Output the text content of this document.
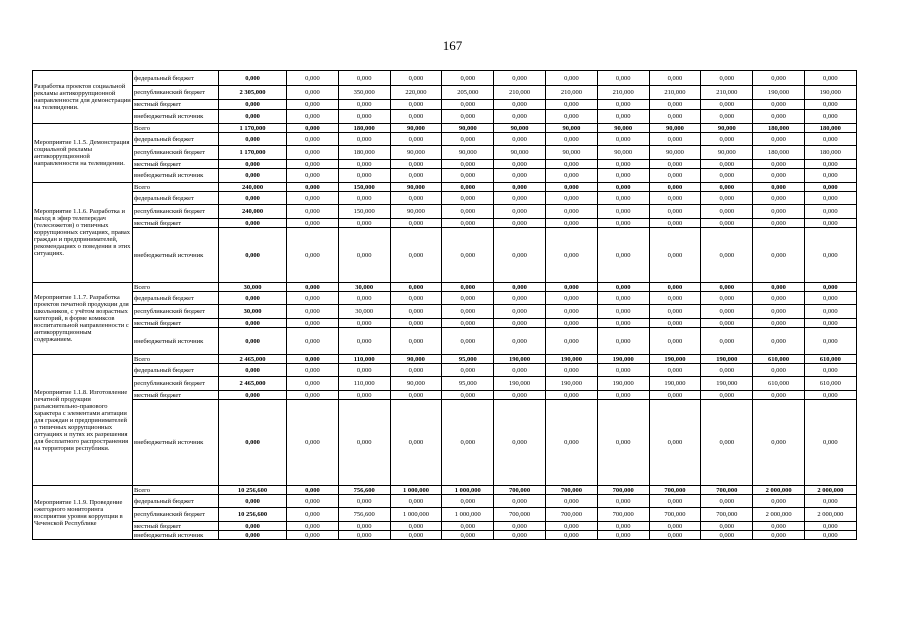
167
Разработка проектов социальной рекламы антикоррупционной направленности для демонстрации на телевидении.	федеральный бюджет	0,000	0,000	0,000	0,000	0,000	0,000	0,000	0,000	0,000	0,000	0,000	0,000
	республиканский бюджет	2 305,000	0,000	350,000	220,000	205,000	210,000	210,000	210,000	210,000	210,000	190,000	190,000
	местный бюджет	0,000	0,000	0,000	0,000	0,000	0,000	0,000	0,000	0,000	0,000	0,000	0,000
	внебюджетный источник	0,000	0,000	0,000	0,000	0,000	0,000	0,000	0,000	0,000	0,000	0,000	0,000
Мероприятие 1.1.5. Демонстрация социальной рекламы антикоррупционной направленности на телевидении.	Всего	1 170,000	0,000	180,000	90,000	90,000	90,000	90,000	90,000	90,000	90,000	180,000	180,000
	федеральный бюджет	0,000	0,000	0,000	0,000	0,000	0,000	0,000	0,000	0,000	0,000	0,000	0,000
	республиканский бюджет	1 170,000	0,000	180,000	90,000	90,000	90,000	90,000	90,000	90,000	90,000	180,000	180,000
	местный бюджет	0,000	0,000	0,000	0,000	0,000	0,000	0,000	0,000	0,000	0,000	0,000	0,000
	внебюджетный источник	0,000	0,000	0,000	0,000	0,000	0,000	0,000	0,000	0,000	0,000	0,000	0,000
Мероприятие 1.1.6. Разработка и выход в эфир телепередач (телесюжетов) о типичных коррупционных ситуациях, правах граждан и предпринимателей, рекомендациях о поведении в этих ситуациях.	Всего	240,000	0,000	150,000	90,000	0,000	0,000	0,000	0,000	0,000	0,000	0,000	0,000
	федеральный бюджет	0,000	0,000	0,000	0,000	0,000	0,000	0,000	0,000	0,000	0,000	0,000	0,000
	республиканский бюджет	240,000	0,000	150,000	90,000	0,000	0,000	0,000	0,000	0,000	0,000	0,000	0,000
	местный бюджет	0,000	0,000	0,000	0,000	0,000	0,000	0,000	0,000	0,000	0,000	0,000	0,000
	внебюджетный источник	0,000	0,000	0,000	0,000	0,000	0,000	0,000	0,000	0,000	0,000	0,000	0,000
Мероприятие 1.1.7. Разработка проектов печатной продукции для школьников, с учётом возрастных категорий, в форме комиксов воспитательной направленности с антикоррупционным содержанием.	Всего	30,000	0,000	30,000	0,000	0,000	0,000	0,000	0,000	0,000	0,000	0,000	0,000
	федеральный бюджет	0,000	0,000	0,000	0,000	0,000	0,000	0,000	0,000	0,000	0,000	0,000	0,000
	республиканский бюджет	30,000	0,000	30,000	0,000	0,000	0,000	0,000	0,000	0,000	0,000	0,000	0,000
	местный бюджет	0,000	0,000	0,000	0,000	0,000	0,000	0,000	0,000	0,000	0,000	0,000	0,000
	внебюджетный источник	0,000	0,000	0,000	0,000	0,000	0,000	0,000	0,000	0,000	0,000	0,000	0,000
Мероприятие 1.1.8. Изготовление печатной продукции разъяснительно-правового характера с элементами агитации для граждан и предпринимателей о типичных коррупционных ситуациях и путях их разрешения для бесплатного распространения на территории республики.	Всего	2 465,000	0,000	110,000	90,000	95,000	190,000	190,000	190,000	190,000	190,000	610,000	610,000
	федеральный бюджет	0,000	0,000	0,000	0,000	0,000	0,000	0,000	0,000	0,000	0,000	0,000	0,000
	республиканский бюджет	2 465,000	0,000	110,000	90,000	95,000	190,000	190,000	190,000	190,000	190,000	610,000	610,000
	местный бюджет	0,000	0,000	0,000	0,000	0,000	0,000	0,000	0,000	0,000	0,000	0,000	0,000
	внебюджетный источник	0,000	0,000	0,000	0,000	0,000	0,000	0,000	0,000	0,000	0,000	0,000	0,000
Мероприятие 1.1.9. Проведение ежегодного мониторинга восприятия уровня коррупции в Чеченской Республике	Всего	10 256,600	0,000	756,600	1 000,000	1 000,000	700,000	700,000	700,000	700,000	700,000	2 000,000	2 000,000
	федеральный бюджет	0,000	0,000	0,000	0,000	0,000	0,000	0,000	0,000	0,000	0,000	0,000	0,000
	республиканский бюджет	10 256,600	0,000	756,600	1 000,000	1 000,000	700,000	700,000	700,000	700,000	700,000	2 000,000	2 000,000
	местный бюджет	0,000	0,000	0,000	0,000	0,000	0,000	0,000	0,000	0,000	0,000	0,000	0,000
	внебюджетный источник	0,000	0,000	0,000	0,000	0,000	0,000	0,000	0,000	0,000	0,000	0,000	0,000
